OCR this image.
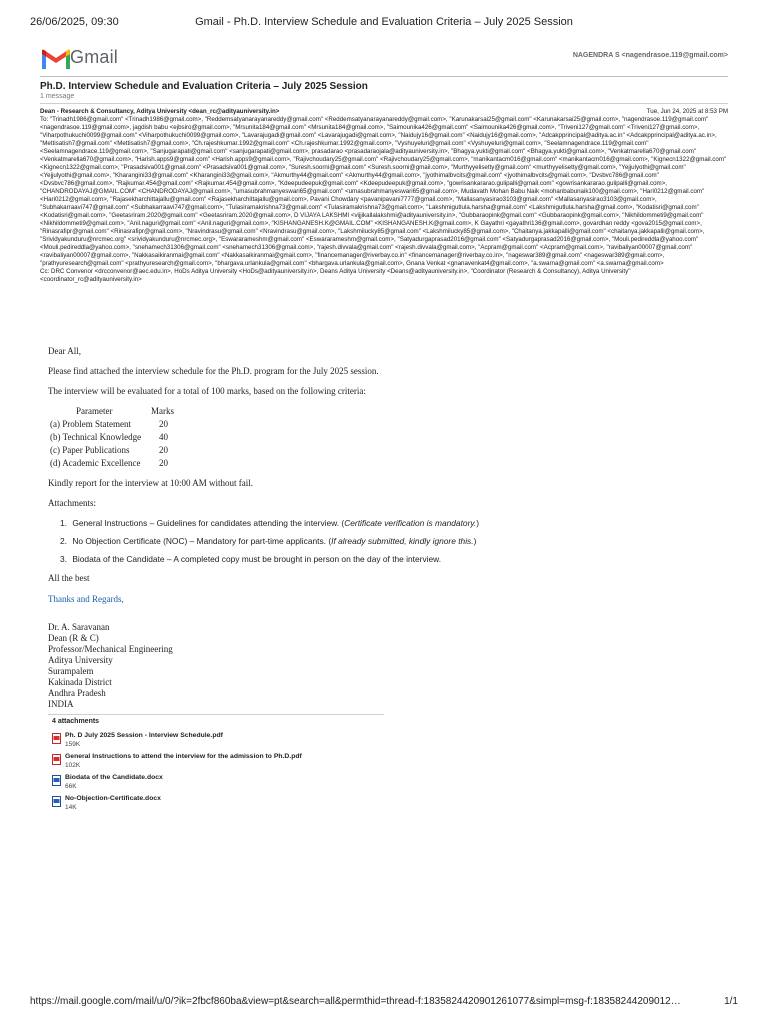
26/06/2025, 09:30	Gmail - Ph.D. Interview Schedule and Evaluation Criteria – July 2025 Session
Gmail	NAGENDRA S <nagendrasoe.119@gmail.com>
Ph.D. Interview Schedule and Evaluation Criteria – July 2025 Session
1 message
Dean - Research & Consultancy, Aditya University <dean_rc@adityauniversity.in>	Tue, Jun 24, 2025 at 8:53 PM
To: "Trinadh1986@gmail.com" <Trinadh1986@gmail.com>, "Reddemsatyanarayanareddy@gmail.com" <Reddemsatyanarayanareddy@gmail.com>, "Karunakarsai25@gmail.com" <Karunakarsai25@gmail.com>, "nagendrasoe.119@gmail.com" <nagendrasoe.119@gmail.com>, jagdish babu <ejbsiro@gmail.com>, "Mrsunita184@gmail.com" <Mrsunita184@gmail.com>, "Saimounika426@gmail.com" <Saimounika426@gmail.com>, "Triveni127@gmail.com" <Triveni127@gmail.com>, "Viharpothukuchi0099@gmail.com" <Viharpothukuchi0099@gmail.com>, "Lavarajugadi@gmail.com" <Lavarajugadi@gmail.com>, "Naidujy16@gmail.com" <Naidujy16@gmail.com>, "Adcakpprincipal@aditya.ac.in" <Adcakpprincipal@aditya.ac.in>, "Mettisatish7@gmail.com" <Mettisatish7@gmail.com>, "Ch.rajeshkumar.1992@gmail.com" <Ch.rajeshkumar.1992@gmail.com>, "Vyshuyeluri@gmail.com" <Vyshuyeluri@gmail.com>, "Seelamnagendrace.119@gmail.com" <Seelamnagendrace.119@gmail.com>, "Sanjugarapati@gmail.com" <sanjugarapati@gmail.com>, prasadarao <prasadaraojala@adityauniversity.in>, "Bhagya.yukti@gmail.com" <Bhagya.yukti@gmail.com>, "Venkatmarella670@gmail.com" <Venkatmarella670@gmail.com>, "Harish.apps9@gmail.com" <Harish.apps9@gmail.com>, "Rajivchoudary25@gmail.com" <Rajivchoudary25@gmail.com>, "manikantacm016@gmail.com" <manikantacm016@gmail.com>, "Kignecn1322@gmail.com" <Kignecn1322@gmail.com>, "Prasadsiva001@gmail.com" <Prasadsiva001@gmail.com>, "Suresh.soorni@gmail.com" <Suresh.soorni@gmail.com>, "Murthyyelisetty@gmail.com" <murthyyelisetty@gmail.com>, "Yejjulyothi@gmail.com" <Yejjulyothi@gmail.com>, "Kharangini33@gmail.com" <Kharangini33@gmail.com>, "Akmurthy44@gmail.com" <Akmurthy44@gmail.com>, "jyothimalbvcits@gmail.com" <jyothimalbvcits@gmail.com>, "Dvsbvc786@gmail.com" <Dvsbvc786@gmail.com>, "Rajkumar.454@gmail.com" <Rajkumar.454@gmail.com>, "Kdeepudeepuk@gmail.com" <Kdeepudeepuk@gmail.com>, "gowrisankararao.gulipalli@gmail.com" <gowrisankararao.gulipalli@gmail.com>, "CHANDRODAYAJ@GMAIL.COM" <CHANDRODAYAJ@gmail.com>, "umasubrahmanyeswari65@gmail.com" <umasubrahmanyeswari65@gmail.com>, Mudavath Mohan Babu Naik <mohanbabunaik100@gmail.com>, "Hari0212@gmail.com" <Hari0212@gmail.com>, "Rajasekharchittajallu@gmail.com" <Rajasekharchittajallu@gmail.com>, Pavani Chowdary <pavanipavani7777@gmail.com>, "Mallasanyasirao3103@gmail.com" <Mallasanyasirao3103@gmail.com>, "Subhakarraavi747@gmail.com" <Subhakarraavi747@gmail.com>, "Tulasiramakrishna73@gmail.com" <Tulasiramakrishna73@gmail.com>, "Lakshmigutlula.harsha@gmail.com" <Lakshmigutlula.harsha@gmail.com>, "Kodatisri@gmail.com" <Kodatisri@gmail.com>, "Geetasriram.2020@gmail.com" <Geetasriram.2020@gmail.com>, D VIJAYA LAKSHMI <vijjikallalakshmi@adityauniversity.in>, "Gubbaraopink@gmail.com" <Gubbaraopink@gmail.com>, "Nikhildommeti9@gmail.com" <Nikhildommeti9@gmail.com>, "Anil.naguri@gmail.com" <Anil.naguri@gmail.com>, "KISHANGANESH.K@GMAIL.COM" <KISHANGANESH.K@gmail.com>, K Gayathri <gayathri136@gmail.com>, govardhan reddy <gova2015@gmail.com>, "Rinasrafipr@gmail.com" <Rinasrafipr@gmail.com>, "Nravindrasu@gmail.com" <Nravindrasu@gmail.com>, "Lakshmilucky85@gmail.com" <Lakshmilucky85@gmail.com>, "Chaitanya.jakkapalli@gmail.com" <chaitanya.jakkapalli@gmail.com>, "Srividyakunduru@nrcmec.org" <srividyakunduru@nrcmec.org>, "Eswararameshm@gmail.com" <Eswararameshm@gmail.com>, "Satyadurgaprasad2016@gmail.com" <Satyadurgaprasad2016@gmail.com>, "Mouli.pedireddla@yahoo.com" <Mouli.pedireddla@yahoo.com>, "snehamech31306@gmail.com" <snehamech31306@gmail.com>, "rajesh.divvala@gmail.com" <rajesh.divvala@gmail.com>, "Acpram@gmail.com" <Acpram@gmail.com>, "ravibaliyan00007@gmail.com" <ravibaliyan00007@gmail.com>, "Nakkasaikiranmai@gmail.com" <Nakkasaikiranmai@gmail.com>, "financemanager@riverbay.co.in" <financemanager@riverbay.co.in>, "nageswar389@gmail.com" <nageswar389@gmail.com>, "prathyuresearch@gmail.com" <prathyuresearch@gmail.com>, "bhargava.urlankula@gmail.com" <bhargava.urlankula@gmail.com>, Gnana Venkat <gnanavenkat4@gmail.com>, "a.swarna@gmail.com" <a.swarna@gmail.com>
Cc: DRC Convenor <drcconvenor@aec.edu.in>, HoDs Aditya University <HoDs@adityauniversity.in>, Deans Aditya University <Deans@adityauniversity.in>, "Coordinator (Research & Consultancy), Aditya University" <coordinator_rc@adityauniversity.in>
Dear All,
Please find attached the interview schedule for the Ph.D. program for the July 2025 session.
The interview will be evaluated for a total of 100 marks, based on the following criteria:
Parameter	Marks
(a) Problem Statement	20
(b) Technical Knowledge 40
(c) Paper Publications	20
(d) Academic Excellence 20
Kindly report for the interview at 10:00 AM without fail.
Attachments:
1. General Instructions – Guidelines for candidates attending the interview. (Certificate verification is mandatory.)
2. No Objection Certificate (NOC) – Mandatory for part-time applicants. (If already submitted, kindly ignore this.)
3. Biodata of the Candidate – A completed copy must be brought in person on the day of the interview.
All the best
Thanks and Regards,
Dr. A. Saravanan
Dean (R & C)
Professor/Mechanical Engineering
Aditya University
Surampalem
Kakinada District
Andhra Pradesh
INDIA
4 attachments
Ph. D July 2025 Session - Interview Schedule.pdf
159K
General Instructions to attend the interview for the admission to Ph.D.pdf
102K
Biodata of the Candidate.docx
66K
No-Objection-Certificate.docx
14K
https://mail.google.com/mail/u/0/?ik=2fbcf860ba&view=pt&search=all&permthid=thread-f:1835824420901261077&simpl=msg-f:18358244209012…	1/1
